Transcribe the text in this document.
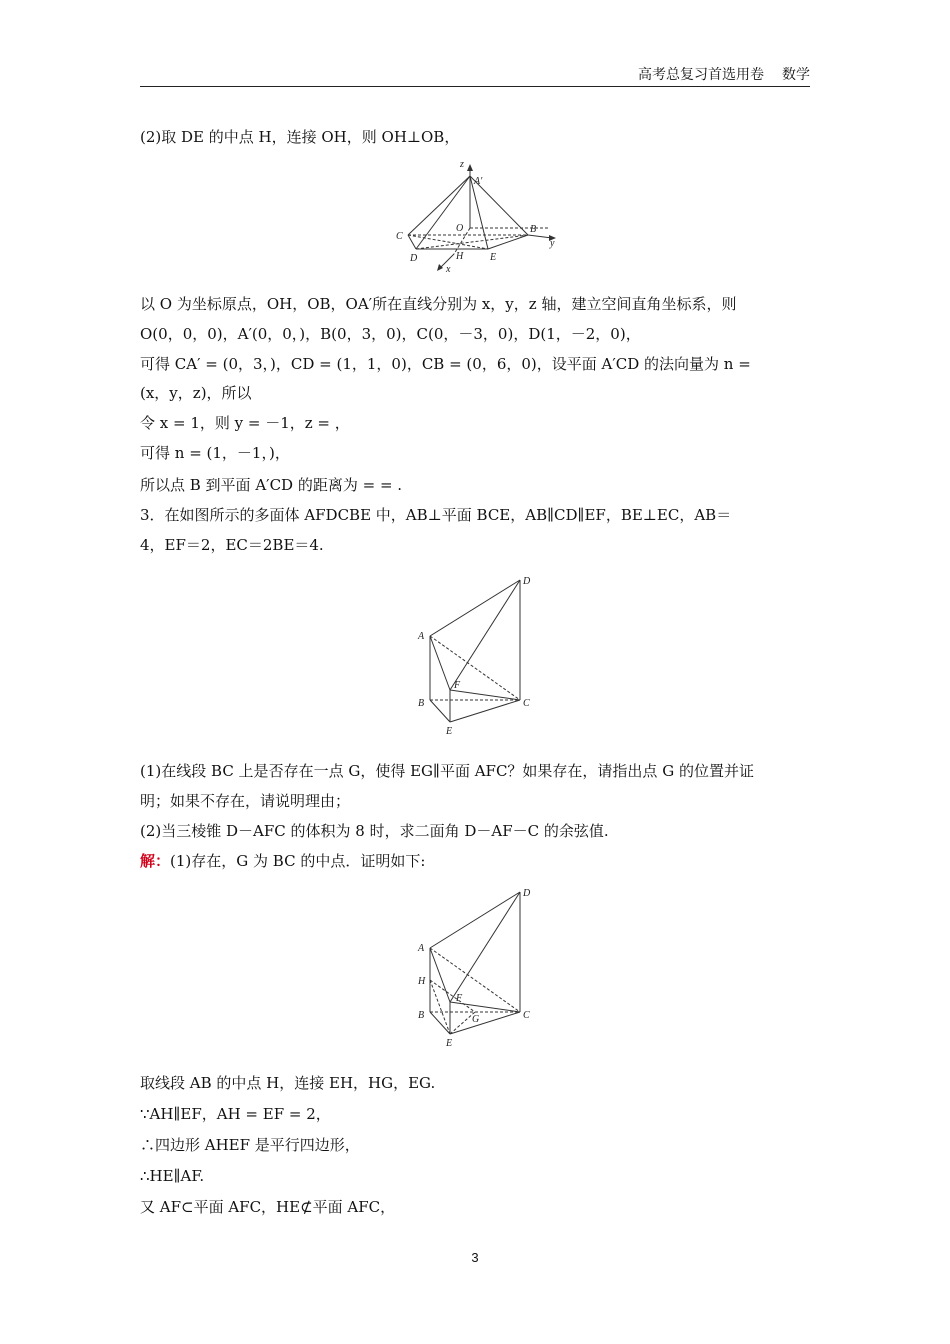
高考总复习首选用卷 数学
(2)取 DE 的中点 H，连接 OH，则 OH⊥OB，
z
A′
C
O	B
y
D	H	E
x
以 O 为坐标原点，OH，OB，OA′所在直线分别为 x，y，z 轴，建立空间直角坐标系，则
O(0，0，0)，A′(0，0，)，B(0，3，0)，C(0，－3，0)，D(1，－2，0)，
可得 CA′ = (0，3，)，CD = (1，1，0)，CB = (0，6，0)，设平面 A′CD 的法向量为 n =
(x，y，z)，所以
令 x = 1，则 y = －1，z = ，
可得 n = (1，－1，)，
所以点 B 到平面 A′CD 的距离为 = = .
3．在如图所示的多面体 AFDCBE 中，AB⊥平面 BCE，AB∥CD∥EF，BE⊥EC，AB＝
4，EF＝2，EC＝2BE＝4.
D
A
F
B	C
E
(1)在线段 BC 上是否存在一点 G，使得 EG∥平面 AFC？如果存在，请指出点 G 的位置并证
明；如果不存在，请说明理由；
(2)当三棱锥 D－AFC 的体积为 8 时，求二面角 D－AF－C 的余弦值.
解：(1)存在，G 为 BC 的中点．证明如下:
D
A
H
F
B	G	C
E
取线段 AB 的中点 H，连接 EH，HG，EG.
∵AH∥EF，AH = EF = 2，
∴四边形 AHEF 是平行四边形，
∴HE∥AF.
又 AF⊂平面 AFC，HE⊄平面 AFC，
3
